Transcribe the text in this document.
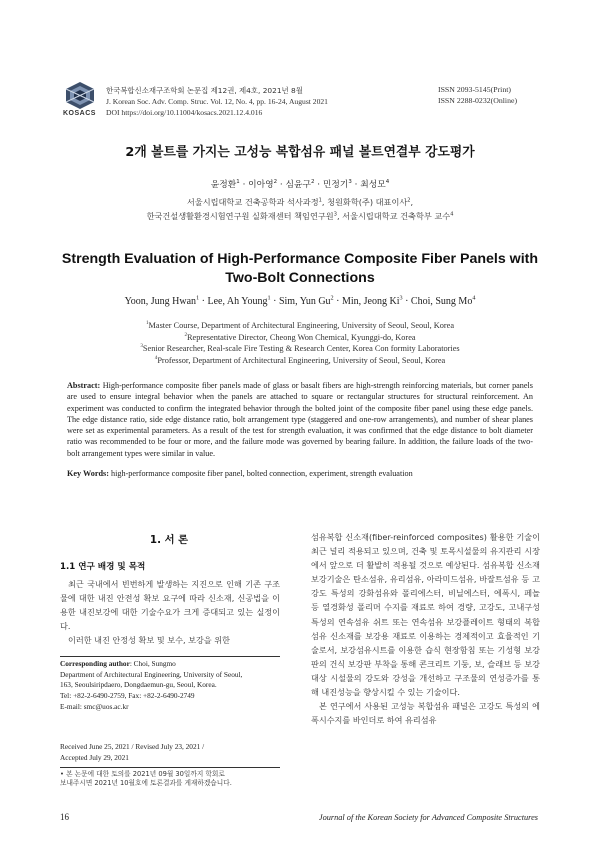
KOSACS
한국복합신소재구조학회 논문집 제12권, 제4호, 2021년 8월
J. Korean Soc. Adv. Comp. Struc. Vol. 12, No. 4, pp. 16-24, August 2021
DOI https://doi.org/10.11004/kosacs.2021.12.4.016
ISSN 2093-5145(Print)
ISSN 2288-0232(Online)
2개 볼트를 가지는 고성능 복합섬유 패널 볼트연결부 강도평가
윤정환$^1$ · 이아영$^2$ · 심윤구$^2$ · 민정기$^3$ · 최성모$^4$
서울시립대학교 건축공학과 석사과정$^1$, 청원화학(주) 대표이사$^2$,
한국건설생활환경시험연구원 실화재센터 책임연구원$^3$, 서울시립대학교 건축학부 교수$^4$
Strength Evaluation of High-Performance Composite Fiber Panels with
Two-Bolt Connections
Yoon, Jung Hwan$^1$ · Lee, Ah Young$^1$ · Sim, Yun $Gu^2$ · Min, Jeong $Ki^3$ · Choi, Sung Mo$^4$
$^1$Master Course, Department of Architectural Engineering, University of Seoul, Seoul, Korea
$^2$Representative Director, Cheong Won Chemical, Kyunggi-do, Korea
$^3$Senior Researcher, Real-scale Fire Testing & Research Center, Korea Con formity Laboratories
$^4$Professor, Department of Architectural Engineering, University of Seoul, Seoul, Korea
Abstract: High-performance composite fiber panels made of glass or basalt fibers are high-strength reinforcing materials, but corner panels are used to ensure integral behavior when the panels are attached to square or rectangular structures for structural reinforcement. An experiment was conducted to confirm the integrated behavior through the bolted joint of the composite fiber panel using these edge panels. The edge distance ratio, side edge distance ratio, bolt arrangement type (staggered and one-row arrangements), and number of shear planes were set as experimental parameters. As a result of the test for strength evaluation, it was confirmed that the edge distance to bolt diameter ratio was recommended to be four or more, and the failure mode was governed by bearing failure. In addition, the failure loads of the two-bolt arrangement types were similar in value.
Key Words: high-performance composite fiber panel, bolted connection, experiment, strength evaluation
1. 서 론
1.1 연구 배경 및 목적

최근 국내에서 빈번하게 발생하는 지진으로 인해 기존 구조물에 대한 내진 안전성 확보 요구에 따라 신소재, 신공법을 이용한 내진보강에 대한 기술수요가 크게 증대되고 있는 실정이다.

이러한 내진 안정성 확보 및 보수, 보강을 위한

Corresponding author: Choi, Sungmo
Department of Architectural Engineering, University of Seoul,
163, Seoulsiripdaero, Dongdaemun-gu, Seoul, Korea.
Tel: +82-2-6490-2759, Fax: +82-2-6490-2749
E-mail: smc@uos.ac.kr
Received June 25, 2021 / Revised July 23, 2021 /
Accepted July 29, 2021
• 본 논문에 대한 토의를 2021년 09월 30일까지 학회로
보내주시면 2021년 10월호에 토론결과를 게재하겠습니다.

섬유복합 신소재(fiber-reinforced composites) 활용한 기술이 최근 널리 적용되고 있으며, 건축 및 토목시설물의 유지관리 시장에서 앞으로 더 활발히 적용될 것으로 예상된다. 섬유복합 신소재 보강기술은 탄소섬유, 유리섬유, 아라미드섬유, 바잘트섬유 등 고강도 특성의 강화섬유와 폴리에스터, 비닐에스터, 에폭시, 페놀 등 열경화성 폴리머 수지를 재료로 하여 경량, 고강도, 고내구성 특성의 연속섬유 쉬트 또는 연속섬유 보강플레이트 형태의 복합섬유 신소재를 보강용 재료로 이용하는 경제적이고 효율적인 기술로서, 보강섬유시트를 이용한 습식 현장함침 또는 기성형 보강판의 건식 보강판 부착을 통해 콘크리트 기둥, 보, 슬래브 등 보강대상 시설물의 강도와 강성을 개선하고 구조물의 연성증가를 통해 내진성능을 향상시킬 수 있는 기술이다.

본 연구에서 사용된 고성능 복합섬유 패널은 고강도 특성의 에폭시수지를 바인더로 하여 유리섬유

16	Journal of the Korean Society for Advanced Composite Structures
